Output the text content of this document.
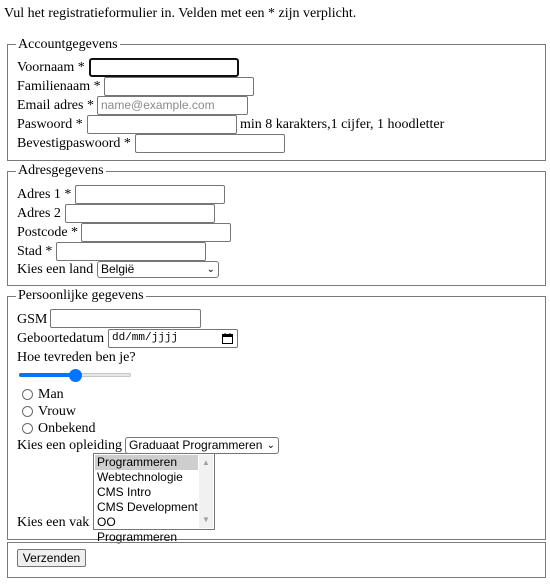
Vul het registratieformulier in. Velden met een * zijn verplicht.
Accountgegevens
Voornaam *
Familienaam *
Email adres * name@example.com
Paswoord *	min 8 karakters,1 cijfer, 1 hoodletter
Bevestigpaswoord *
Adresgegevens
Adres 1 *
Adres 2
Postcode *
Stad *
Kies een land België	⌄
Persoonlijke gegevens
GSM
Geboortedatum dd/mm/jjjj
Hoe tevreden ben je?
Man
Vrouw
Onbekend
Kies een opleiding Graduaat Programmeren ⌄
Kies een vak
Programmeren
Webtechnologie
CMS Intro
CMS Development
OO Programmeren
▲
▼
Verzenden
